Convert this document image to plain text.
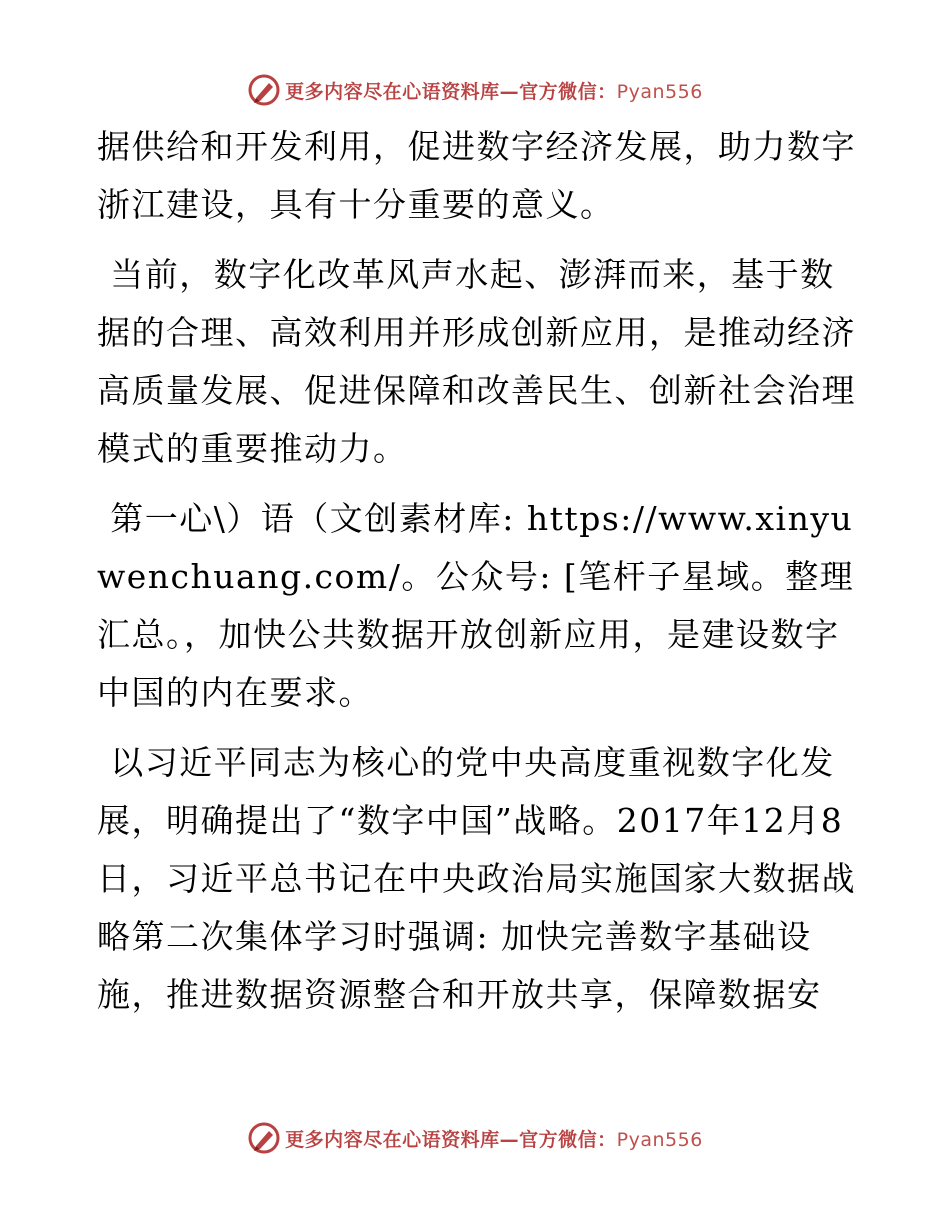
更多内容尽在心语资料库—官方微信：Pyan556

据供给和开发利用，促进数字经济发展，助力数字浙江建设，具有十分重要的意义。

当前，数字化改革风声水起、澎湃而来，基于数据的合理、高效利用并形成创新应用，是推动经济高质量发展、促进保障和改善民生、创新社会治理模式的重要推动力。

第一心\）语（文创素材库: https://www.xinyuwenchuang.com/。公众号: [笔杆子星域。整理汇总。，加快公共数据开放创新应用，是建设数字中国的内在要求。

以习近平同志为核心的党中央高度重视数字化发展，明确提出了“数字中国”战略。2017年12月8日，习近平总书记在中央政治局实施国家大数据战略第二次集体学习时强调: 加快完善数字基础设施，推进数据资源整合和开放共享，保障数据安

更多内容尽在心语资料库—官方微信：Pyan556
